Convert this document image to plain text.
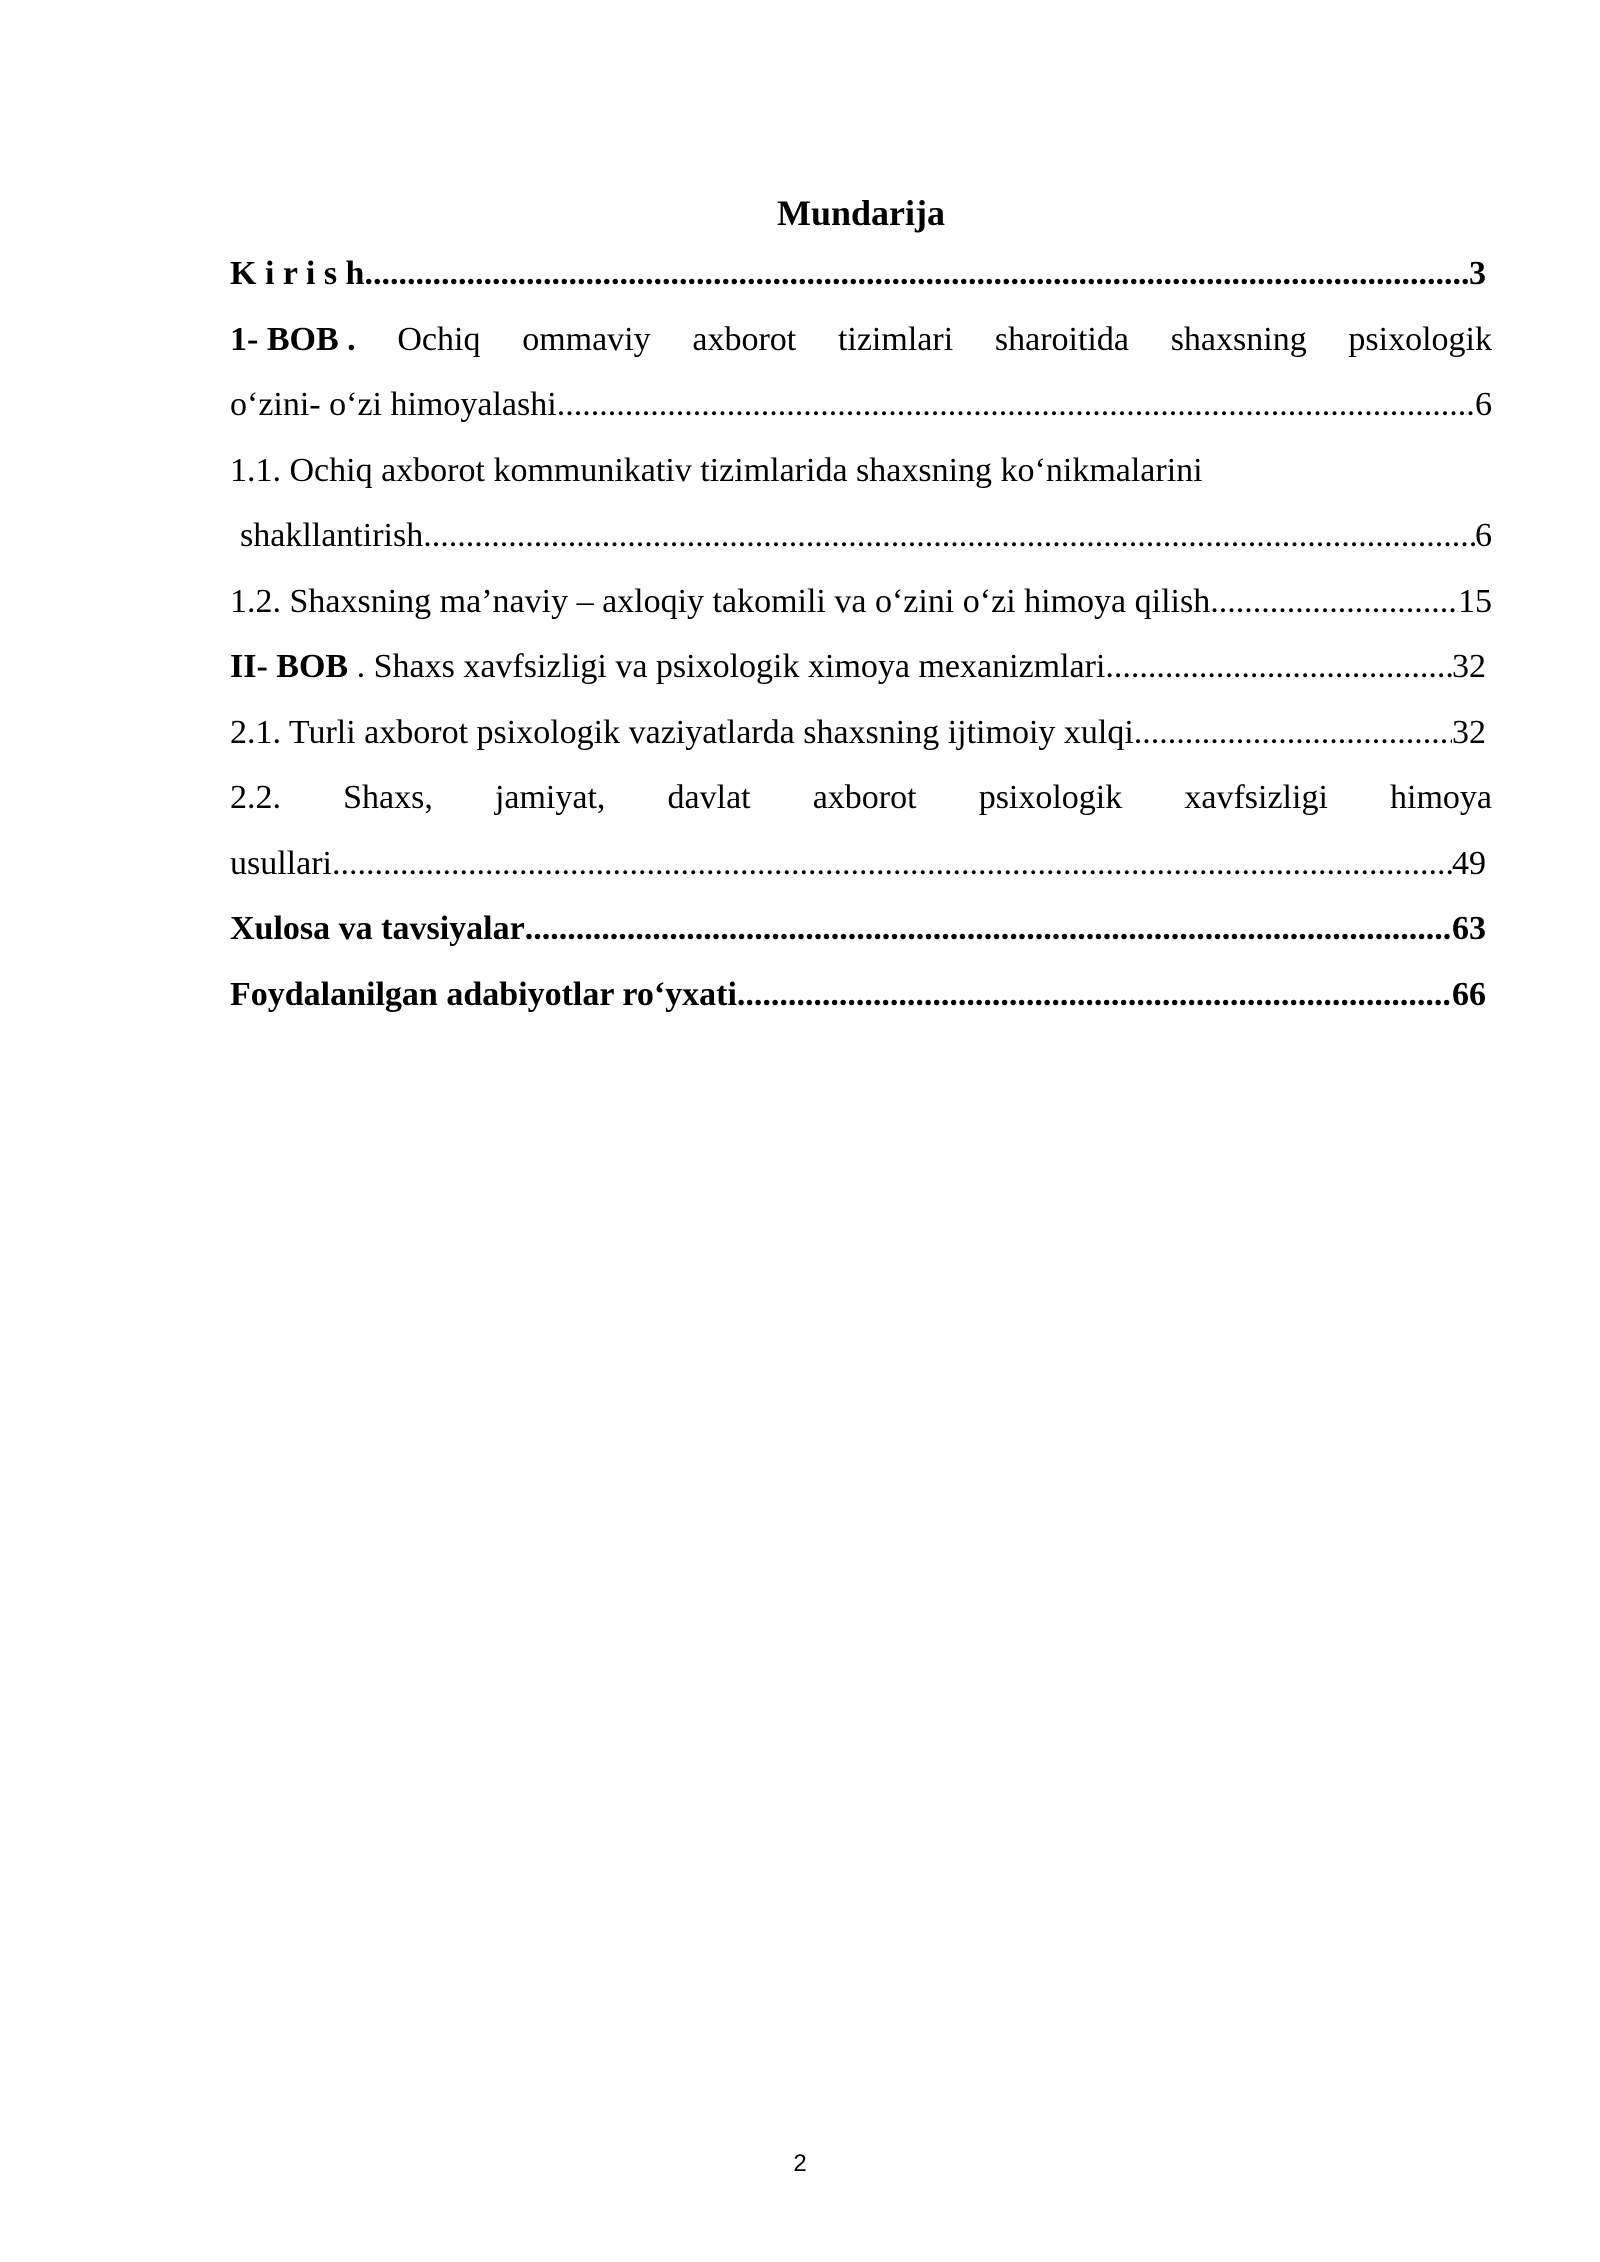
Mundarija
K i r i s h .....	3
1- BOB . Ochiq ommaviy axborot tizimlari sharoitida shaxsning psixologik
o‘zini- o‘zi himoyalashi .....	6
1.1. Ochiq axborot kommunikativ tizimlarida shaxsning ko‘nikmalarini
shakllantirish .....	6
1.2. Shaxsning ma’naviy – axloqiy takomili va o‘zini o‘zi himoya qilish .....	15
II- BOB . Shaxs xavfsizligi va psixologik ximoya mexanizmlari .....	32
2.1. Turli axborot psixologik vaziyatlarda shaxsning ijtimoiy xulqi .....	32
2.2. Shaxs, jamiyat, davlat axborot psixologik xavfsizligi himoya
usullari .....	49
Xulosa va tavsiyalar .....	63
Foydalanilgan adabiyotlar ro‘yxati .....	66
2
